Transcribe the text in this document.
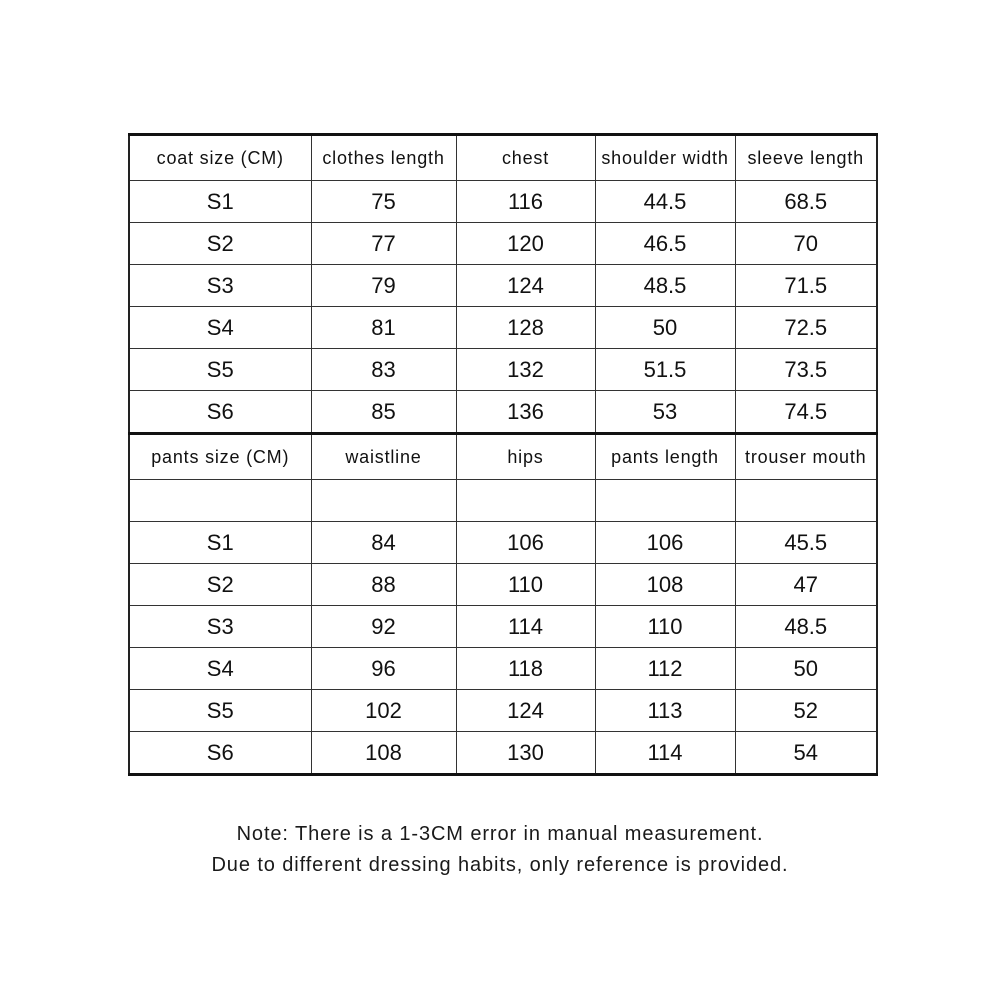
coat size (CM)	clothes length	chest	shoulder width	sleeve length
S1	75	116	44.5	68.5
S2	77	120	46.5	70
S3	79	124	48.5	71.5
S4	81	128	50	72.5
S5	83	132	51.5	73.5
S6	85	136	53	74.5
pants size (CM)	waistline	hips	pants length	trouser mouth

S1	84	106	106	45.5
S2	88	110	108	47
S3	92	114	110	48.5
S4	96	118	112	50
S5	102	124	113	52
S6	108	130	114	54
Note: There is a 1-3CM error in manual measurement.
Due to different dressing habits, only reference is provided.
